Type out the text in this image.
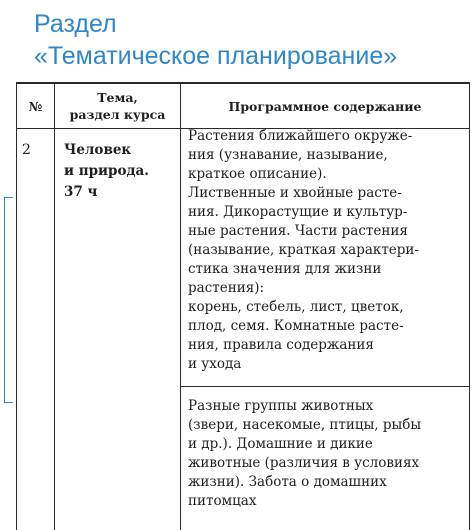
Раздел
«Тематическое планирование»
№
Тема,
раздел курса
Программное содержание
2	Человек
и природа.
37 ч
Растения ближайшего окруже-
ния (узнавание, называние,
краткое описание).
Лиственные и хвойные расте-
ния. Дикорастущие и культур-
ные растения. Части растения
(называние, краткая характери-
стика значения для жизни
растения):
корень, стебель, лист, цветок,
плод, семя. Комнатные расте-
ния, правила содержания
и ухода
Разные группы животных
(звери, насекомые, птицы, рыбы
и др.). Домашние и дикие
животные (различия в условиях
жизни). Забота о домашних
питомцах
